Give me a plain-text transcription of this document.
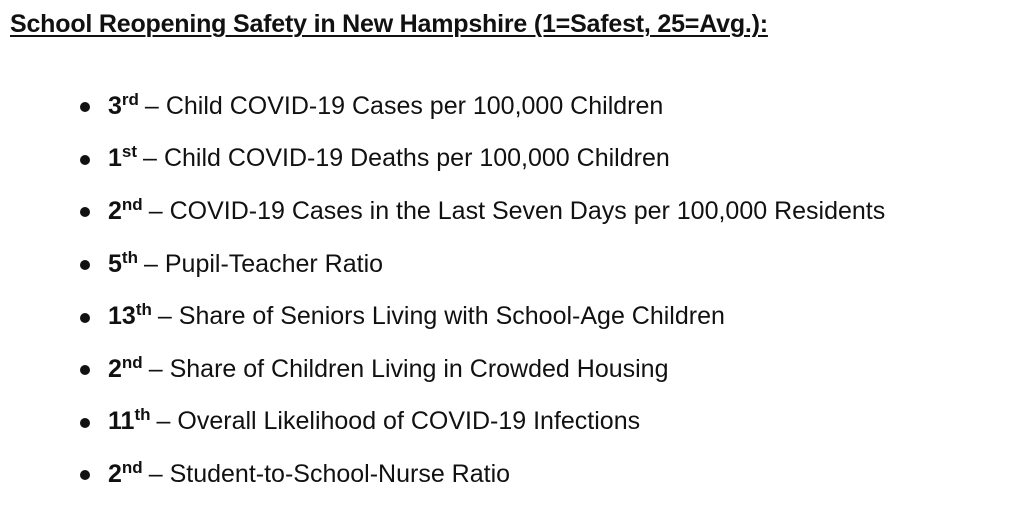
School Reopening Safety in New Hampshire (1=Safest, 25=Avg.):
3rd – Child COVID-19 Cases per 100,000 Children
1st – Child COVID-19 Deaths per 100,000 Children
2nd – COVID-19 Cases in the Last Seven Days per 100,000 Residents
5th – Pupil-Teacher Ratio
13th – Share of Seniors Living with School-Age Children
2nd – Share of Children Living in Crowded Housing
11th – Overall Likelihood of COVID-19 Infections
2nd – Student-to-School-Nurse Ratio
